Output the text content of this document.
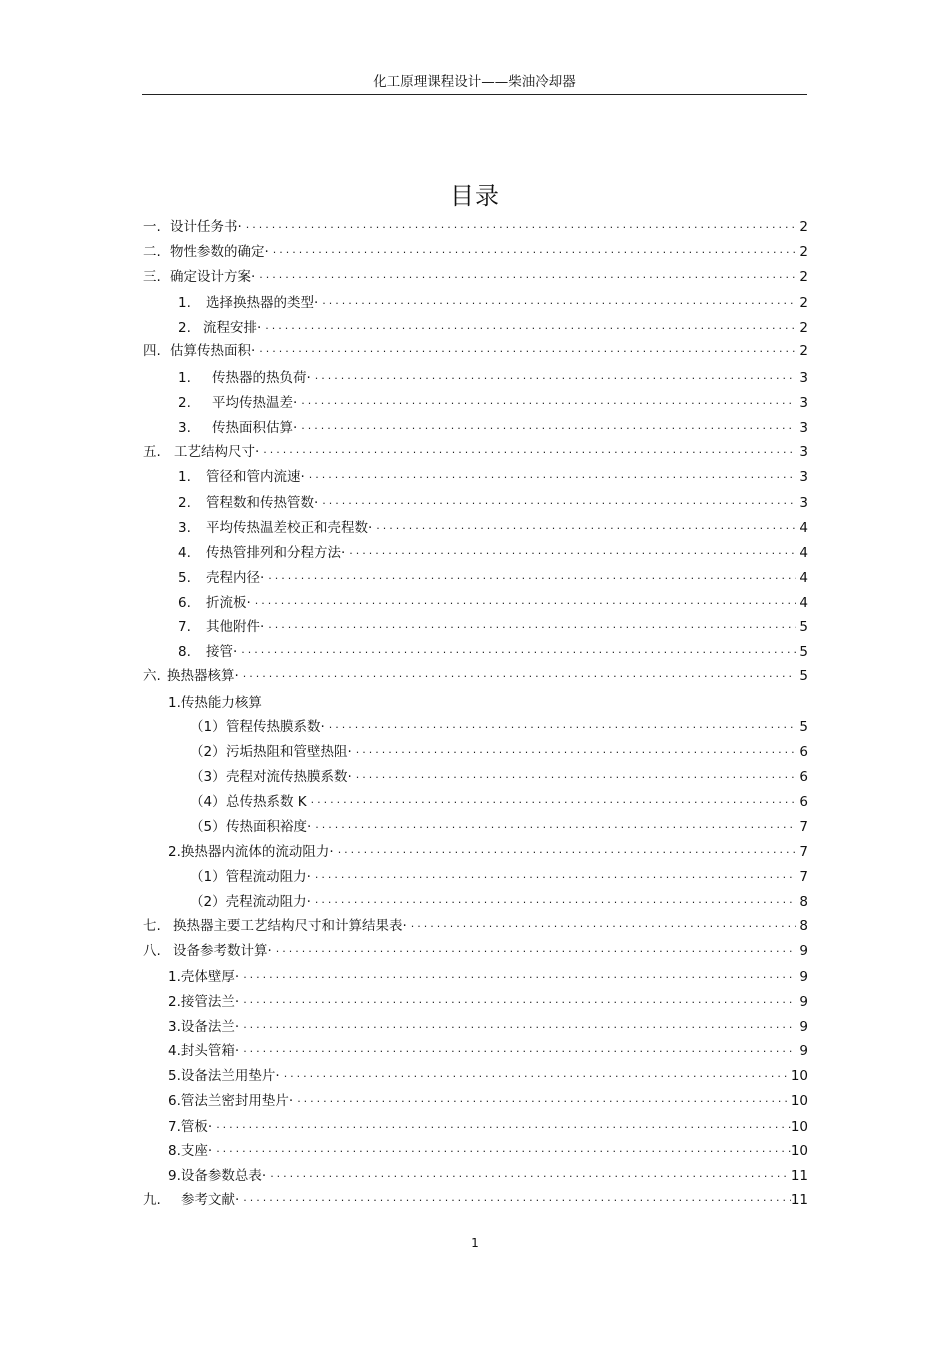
化工原理课程设计——柴油冷却器
目录
一. 设计任务书· ·····	2
二. 物性参数的确定· ·····	2
三. 确定设计方案· ·····	2
1.	选择换热器的类型· ·····	2
2. 流程安排· ·····	2
四. 估算传热面积· ·····	2
1.	传热器的热负荷· ·····	3
2.	平均传热温差· ·····	3
3.	传热面积估算· ·····	3
五. 工艺结构尺寸· ·····	3
1.	管径和管内流速· ·····	3
2.	管程数和传热管数· ·····	3
3.	平均传热温差校正和壳程数· ·····	4
4.	传热管排列和分程方法· ·····	4
5.	壳程内径· ·····	4
6.	折流板· ·····	4
7.	其他附件· ·····	5
8.	接管· ·····	5
六. 换热器核算· ·····	5
1. 传热能力核算
（1） 管程传热膜系数· ·····	5
（2） 污垢热阻和管壁热阻· ·····	6
（3） 壳程对流传热膜系数· ·····	6
（4） 总传热系数 K ·····	6
（5） 传热面积裕度· ·····	7
2. 换热器内流体的流动阻力· ·····	7
（1） 管程流动阻力· ·····	7
（2） 壳程流动阻力· ·····	8
七. 换热器主要工艺结构尺寸和计算结果表· ·····	8
八. 设备参考数计算· ·····	9
1. 壳体壁厚· ·····	9
2. 接管法兰· ·····	9
3. 设备法兰· ·····	9
4. 封头管箱· ·····	9
5. 设备法兰用垫片· ·····	10
6. 管法兰密封用垫片· ·····	10
7. 管板· ·····	10
8. 支座· ·····	10
9. 设备参数总表· ·····	11
九.	参考文献· ·····	11
1
